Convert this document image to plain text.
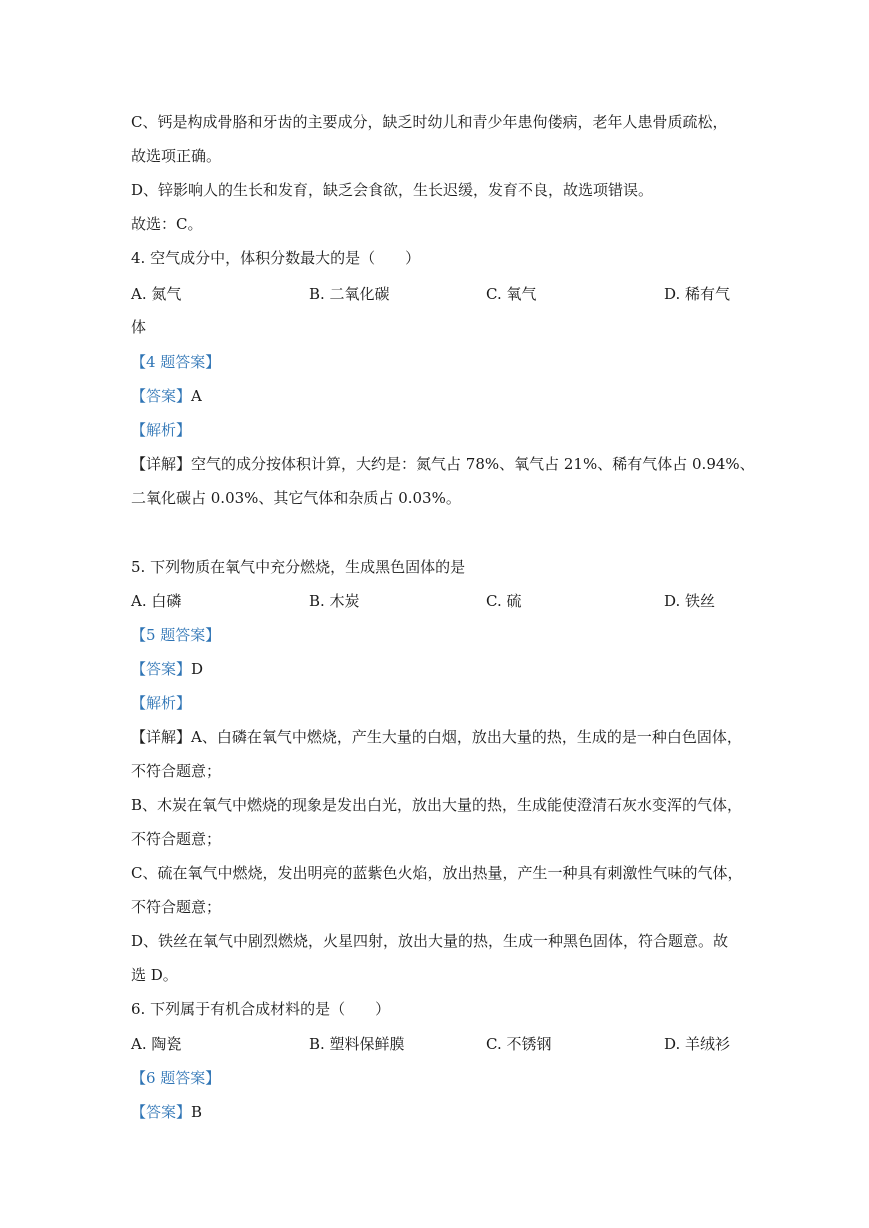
C、钙是构成骨胳和牙齿的主要成分，缺乏时幼儿和青少年患佝偻病，老年人患骨质疏松，
故选项正确。
D、锌影响人的生长和发育，缺乏会食欲，生长迟缓，发育不良，故选项错误。
故选：C。
4. 空气成分中，体积分数最大的是（　　）
A. 氮气	B. 二氧化碳	C. 氧气	D. 稀有气
体
【4 题答案】
【答案】A
【解析】
【详解】空气的成分按体积计算，大约是：氮气占 78%、氧气占 21%、稀有气体占 0.94%、
二氧化碳占 0.03%、其它气体和杂质占 0.03%。
5. 下列物质在氧气中充分燃烧，生成黑色固体的是
A. 白磷	B. 木炭	C. 硫	D. 铁丝
【5 题答案】
【答案】D
【解析】
【详解】A、白磷在氧气中燃烧，产生大量的白烟，放出大量的热，生成的是一种白色固体，
不符合题意；
B、木炭在氧气中燃烧的现象是发出白光，放出大量的热，生成能使澄清石灰水变浑的气体，
不符合题意；
C、硫在氧气中燃烧，发出明亮的蓝紫色火焰，放出热量，产生一种具有刺激性气味的气体，
不符合题意；
D、铁丝在氧气中剧烈燃烧，火星四射，放出大量的热，生成一种黑色固体，符合题意。故
选 D。
6. 下列属于有机合成材料的是（　　）
A. 陶瓷	B. 塑料保鲜膜	C. 不锈钢	D. 羊绒衫
【6 题答案】
【答案】B
